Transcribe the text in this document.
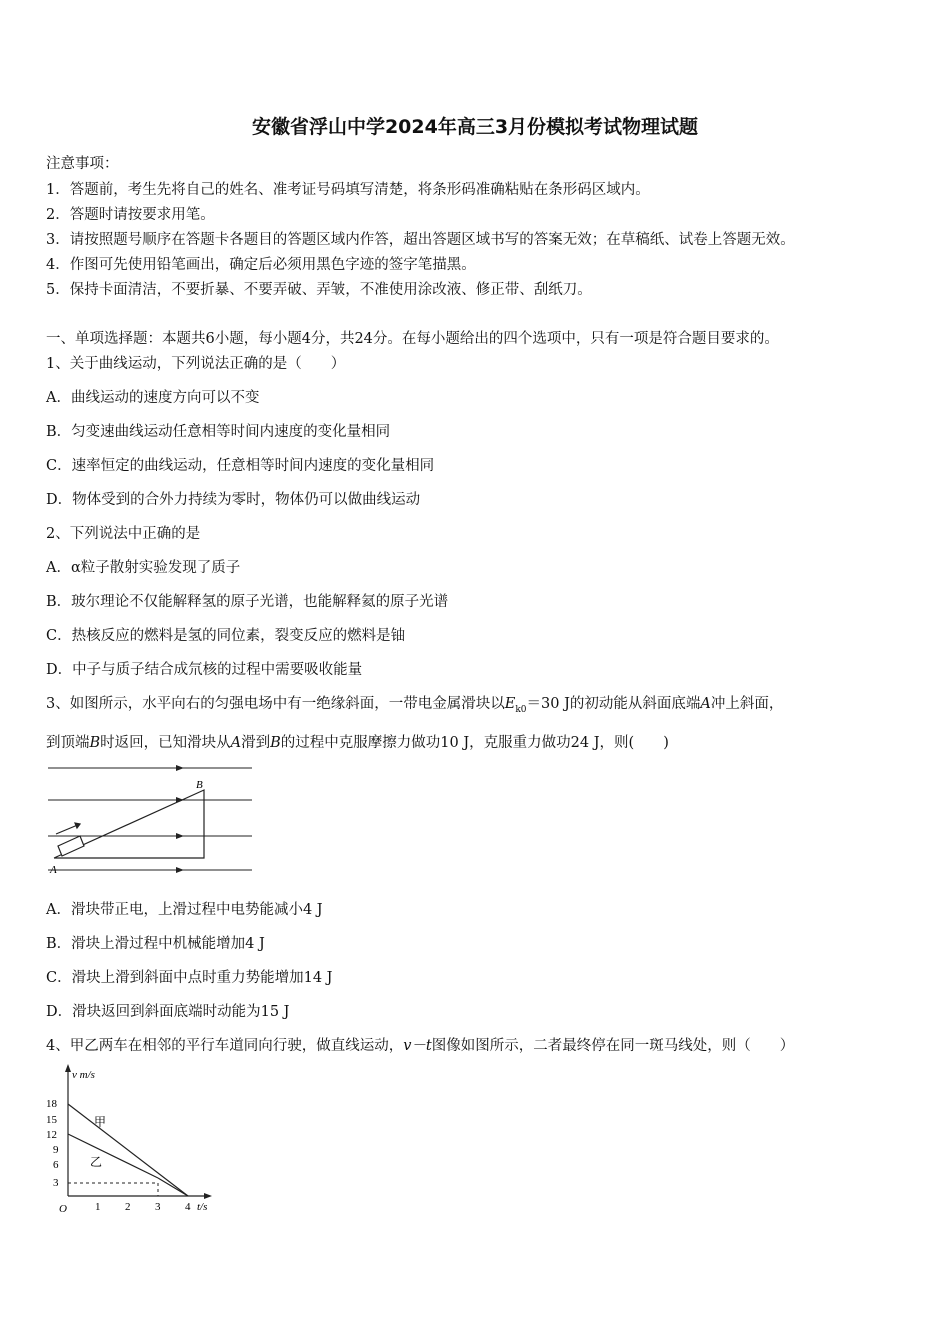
安徽省浮山中学2024年高三3月份模拟考试物理试题
注意事项：
1．答题前，考生先将自己的姓名、准考证号码填写清楚，将条形码准确粘贴在条形码区域内。
2．答题时请按要求用笔。
3．请按照题号顺序在答题卡各题目的答题区域内作答，超出答题区域书写的答案无效；在草稿纸、试卷上答题无效。
4．作图可先使用铅笔画出，确定后必须用黑色字迹的签字笔描黑。
5．保持卡面清洁，不要折暴、不要弄破、弄皱，不准使用涂改液、修正带、刮纸刀。
一、单项选择题：本题共6小题，每小题4分，共24分。在每小题给出的四个选项中，只有一项是符合题目要求的。
1、关于曲线运动，下列说法正确的是（　　）
A．曲线运动的速度方向可以不变
B．匀变速曲线运动任意相等时间内速度的变化量相同
C．速率恒定的曲线运动，任意相等时间内速度的变化量相同
D．物体受到的合外力持续为零时，物体仍可以做曲线运动
2、下列说法中正确的是
A．α粒子散射实验发现了质子
B．玻尔理论不仅能解释氢的原子光谱，也能解释氦的原子光谱
C．热核反应的燃料是氢的同位素，裂变反应的燃料是铀
D．中子与质子结合成氘核的过程中需要吸收能量
3、如图所示，水平向右的匀强电场中有一绝缘斜面，一带电金属滑块以$E_{k0}=30$ J的初动能从斜面底端A冲上斜面，
到顶端B时返回，已知滑块从A滑到B的过程中克服摩擦力做功10 J，克服重力做功24 J，则(　　)
A
B
A．滑块带正电，上滑过程中电势能减小4 J
B．滑块上滑过程中机械能增加4 J
C．滑块上滑到斜面中点时重力势能增加14 J
D．滑块返回到斜面底端时动能为15 J
4、甲乙两车在相邻的平行车道同向行驶，做直线运动，v－t图像如图所示，二者最终停在同一斑马线处，则（　　）
v m/s
18
15
12
9
6
3
O	1 2 3 4 t/s
甲
乙
